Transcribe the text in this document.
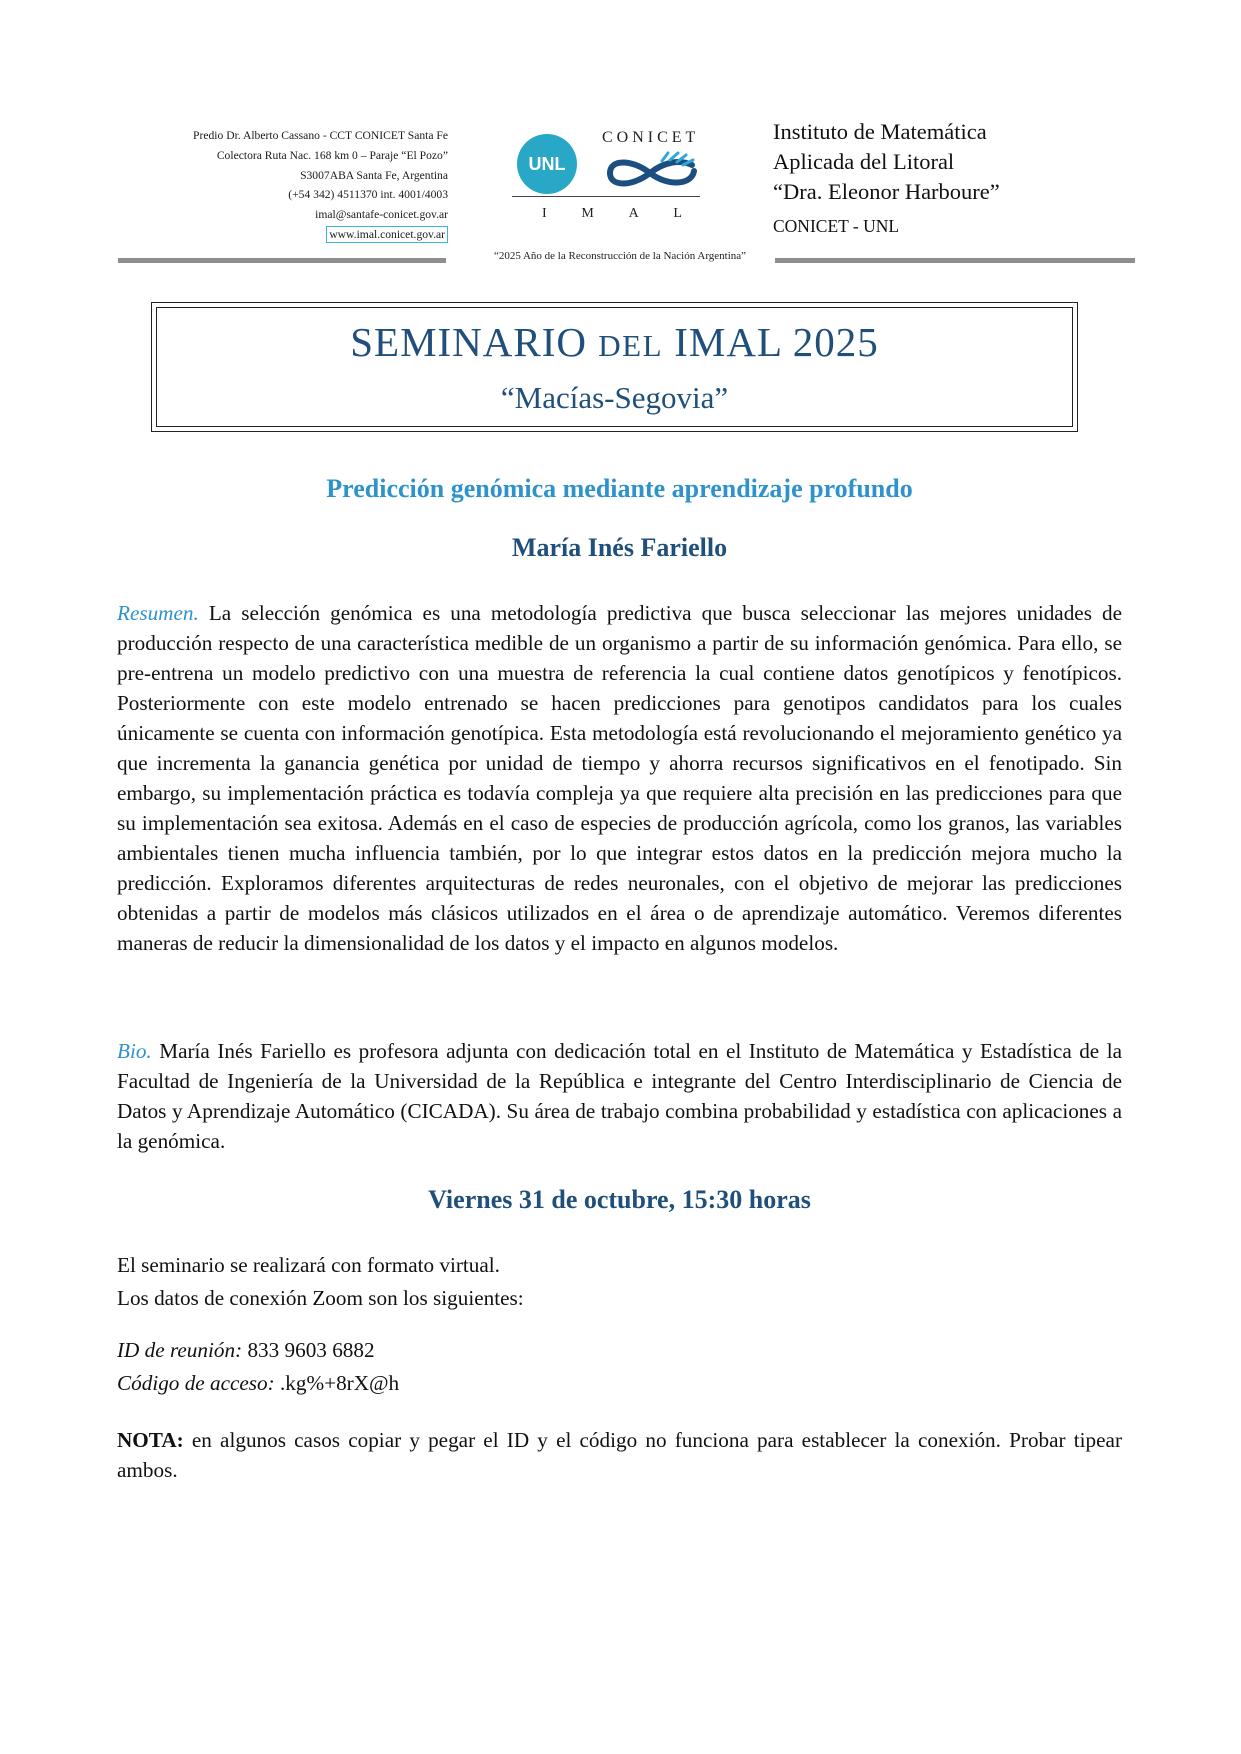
Predio Dr. Alberto Cassano - CCT CONICET Santa Fe
Colectora Ruta Nac. 168 km 0 – Paraje “El Pozo”
S3007ABA Santa Fe, Argentina
(+54 342) 4511370 int. 4001/4003
imal@santafe-conicet.gov.ar
www.imal.conicet.gov.ar
UNL
CONICET
I M A L
Instituto de Matemática
Aplicada del Litoral
“Dra. Eleonor Harboure”
CONICET - UNL
“2025 Año de la Reconstrucción de la Nación Argentina”
SEMINARIO DEL IMAL 2025
“Macías-Segovia”
Predicción genómica mediante aprendizaje profundo
María Inés Fariello
Resumen. La selección genómica es una metodología predictiva que busca seleccionar las mejores unidades de producción respecto de una característica medible de un organismo a partir de su información genómica. Para ello, se pre-entrena un modelo predictivo con una muestra de referencia la cual contiene datos genotípicos y fenotípicos. Posteriormente con este modelo entrenado se hacen predicciones para genotipos candidatos para los cuales únicamente se cuenta con información genotípica. Esta metodología está revolucionando el mejoramiento genético ya que incrementa la ganancia genética por unidad de tiempo y ahorra recursos significativos en el fenotipado. Sin embargo, su implementación práctica es todavía compleja ya que requiere alta precisión en las predicciones para que su implementación sea exitosa. Además en el caso de especies de producción agrícola, como los granos, las variables ambientales tienen mucha influencia también, por lo que integrar estos datos en la predicción mejora mucho la predicción. Exploramos diferentes arquitecturas de redes neuronales, con el objetivo de mejorar las predicciones obtenidas a partir de modelos más clásicos utilizados en el área o de aprendizaje automático. Veremos diferentes maneras de reducir la dimensionalidad de los datos y el impacto en algunos modelos.
Bio. María Inés Fariello es profesora adjunta con dedicación total en el Instituto de Matemática y Estadística de la Facultad de Ingeniería de la Universidad de la República e integrante del Centro Interdisciplinario de Ciencia de Datos y Aprendizaje Automático (CICADA). Su área de trabajo combina probabilidad y estadística con aplicaciones a la genómica.
Viernes 31 de octubre, 15:30 horas
El seminario se realizará con formato virtual.
Los datos de conexión Zoom son los siguientes:
ID de reunión: 833 9603 6882
Código de acceso: .kg%+8rX@h
NOTA: en algunos casos copiar y pegar el ID y el código no funciona para establecer la conexión. Probar tipear ambos.
